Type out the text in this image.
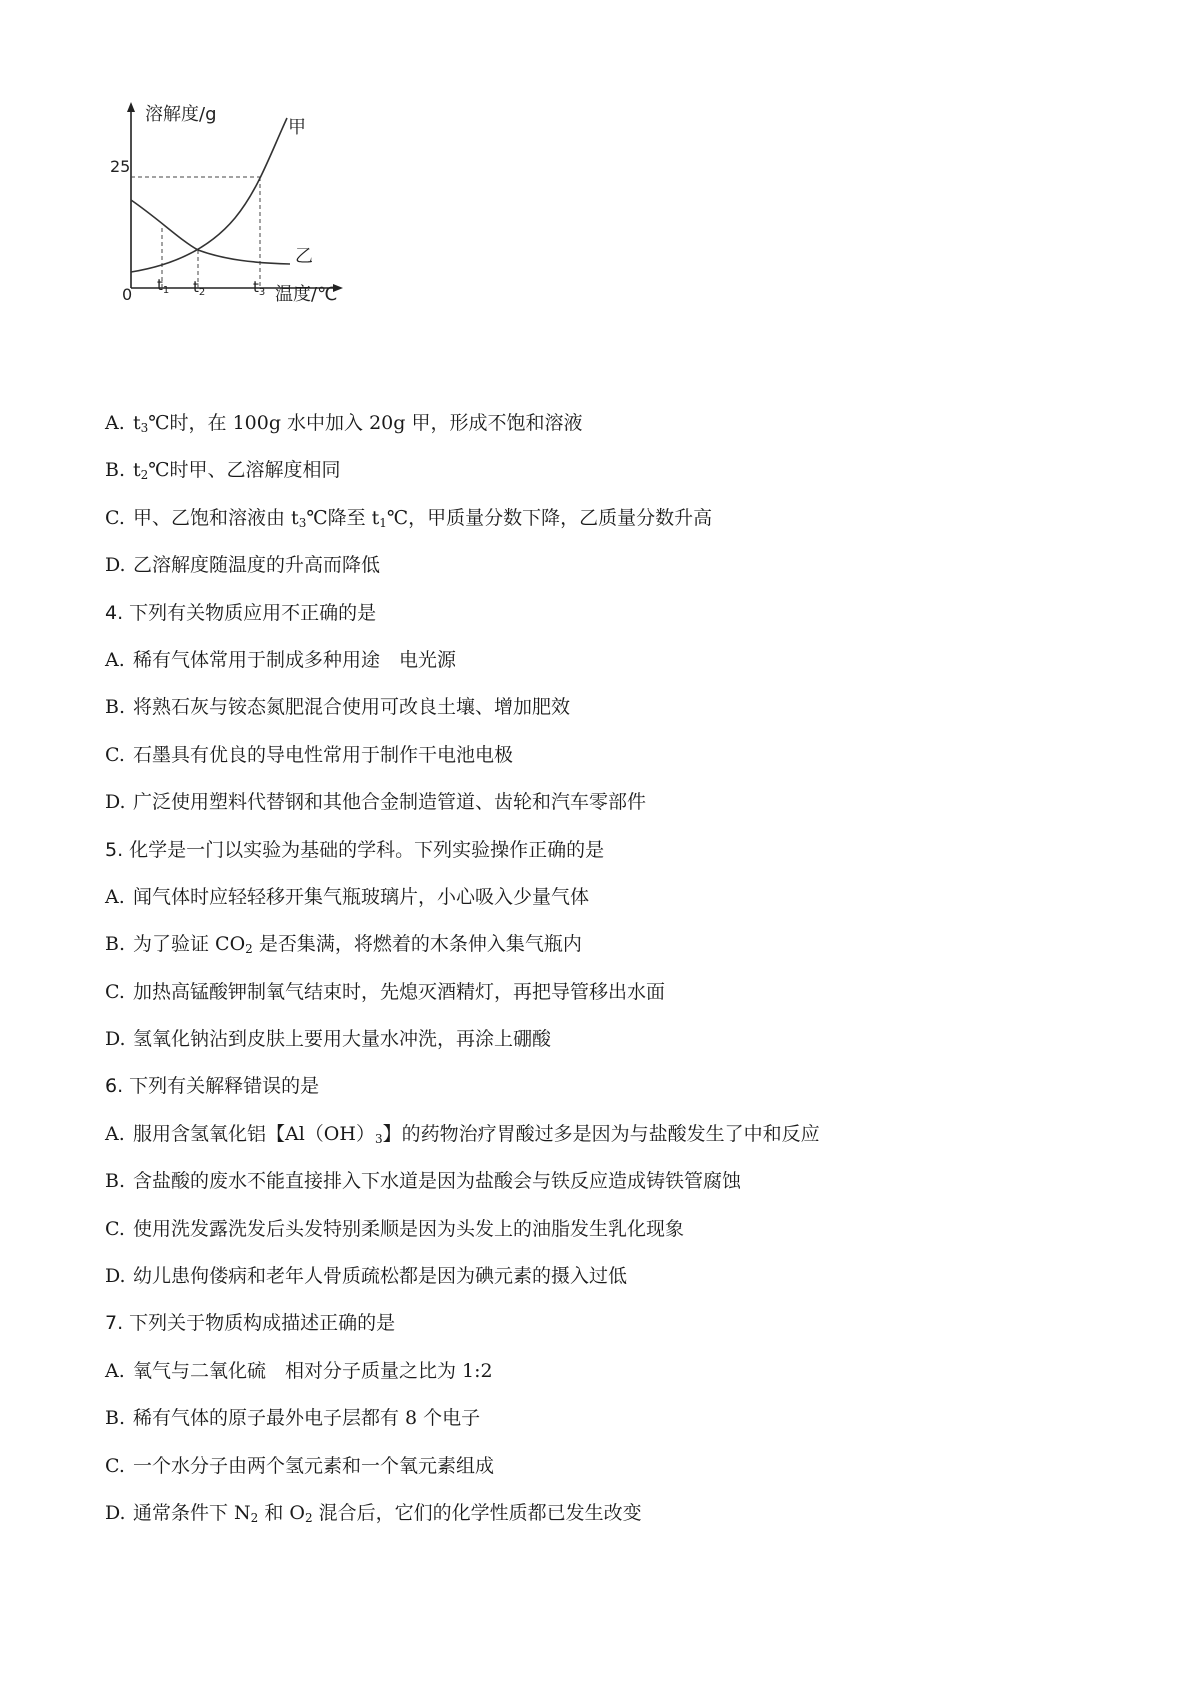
溶解度/g
温度/℃
0
25
$t_1$ $t_2$	$t_3$
甲
乙
A. $t_3℃$时，在 100g 水中加入 20g 甲，形成不饱和溶液
B. $t_2℃$时甲、乙溶解度相同
C. 甲、乙饱和溶液由 $t_3℃$降至 $t_1℃$，甲质量分数下降，乙质量分数升高
D. 乙溶解度随温度的升高而降低
4. 下列有关物质应用不正确的是
A. 稀有气体常用于制成多种用途　电光源
B. 将熟石灰与铵态氮肥混合使用可改良土壤、增加肥效
C. 石墨具有优良的导电性常用于制作干电池电极
D. 广泛使用塑料代替钢和其他合金制造管道、齿轮和汽车零部件
5. 化学是一门以实验为基础的学科。下列实验操作正确的是
A. 闻气体时应轻轻移开集气瓶玻璃片，小心吸入少量气体
B. 为了验证 $CO_2$ 是否集满，将燃着的木条伸入集气瓶内
C. 加热高锰酸钾制氧气结束时，先熄灭酒精灯，再把导管移出水面
D. 氢氧化钠沾到皮肤上要用大量水冲洗，再涂上硼酸
6. 下列有关解释错误的是
A. 服用含氢氧化铝【$Al(OH)_3$】的药物治疗胃酸过多是因为与盐酸发生了中和反应
B. 含盐酸的废水不能直接排入下水道是因为盐酸会与铁反应造成铸铁管腐蚀
C. 使用洗发露洗发后头发特别柔顺是因为头发上的油脂发生乳化现象
D. 幼儿患佝偻病和老年人骨质疏松都是因为碘元素的摄入过低
7. 下列关于物质构成描述正确的是
A. 氧气与二氧化硫　相对分子质量之比为 1:2
B. 稀有气体的原子最外电子层都有 8 个电子
C. 一个水分子由两个氢元素和一个氧元素组成
D. 通常条件下 $N_2$ 和 $O_2$ 混合后，它们的化学性质都已发生改变
